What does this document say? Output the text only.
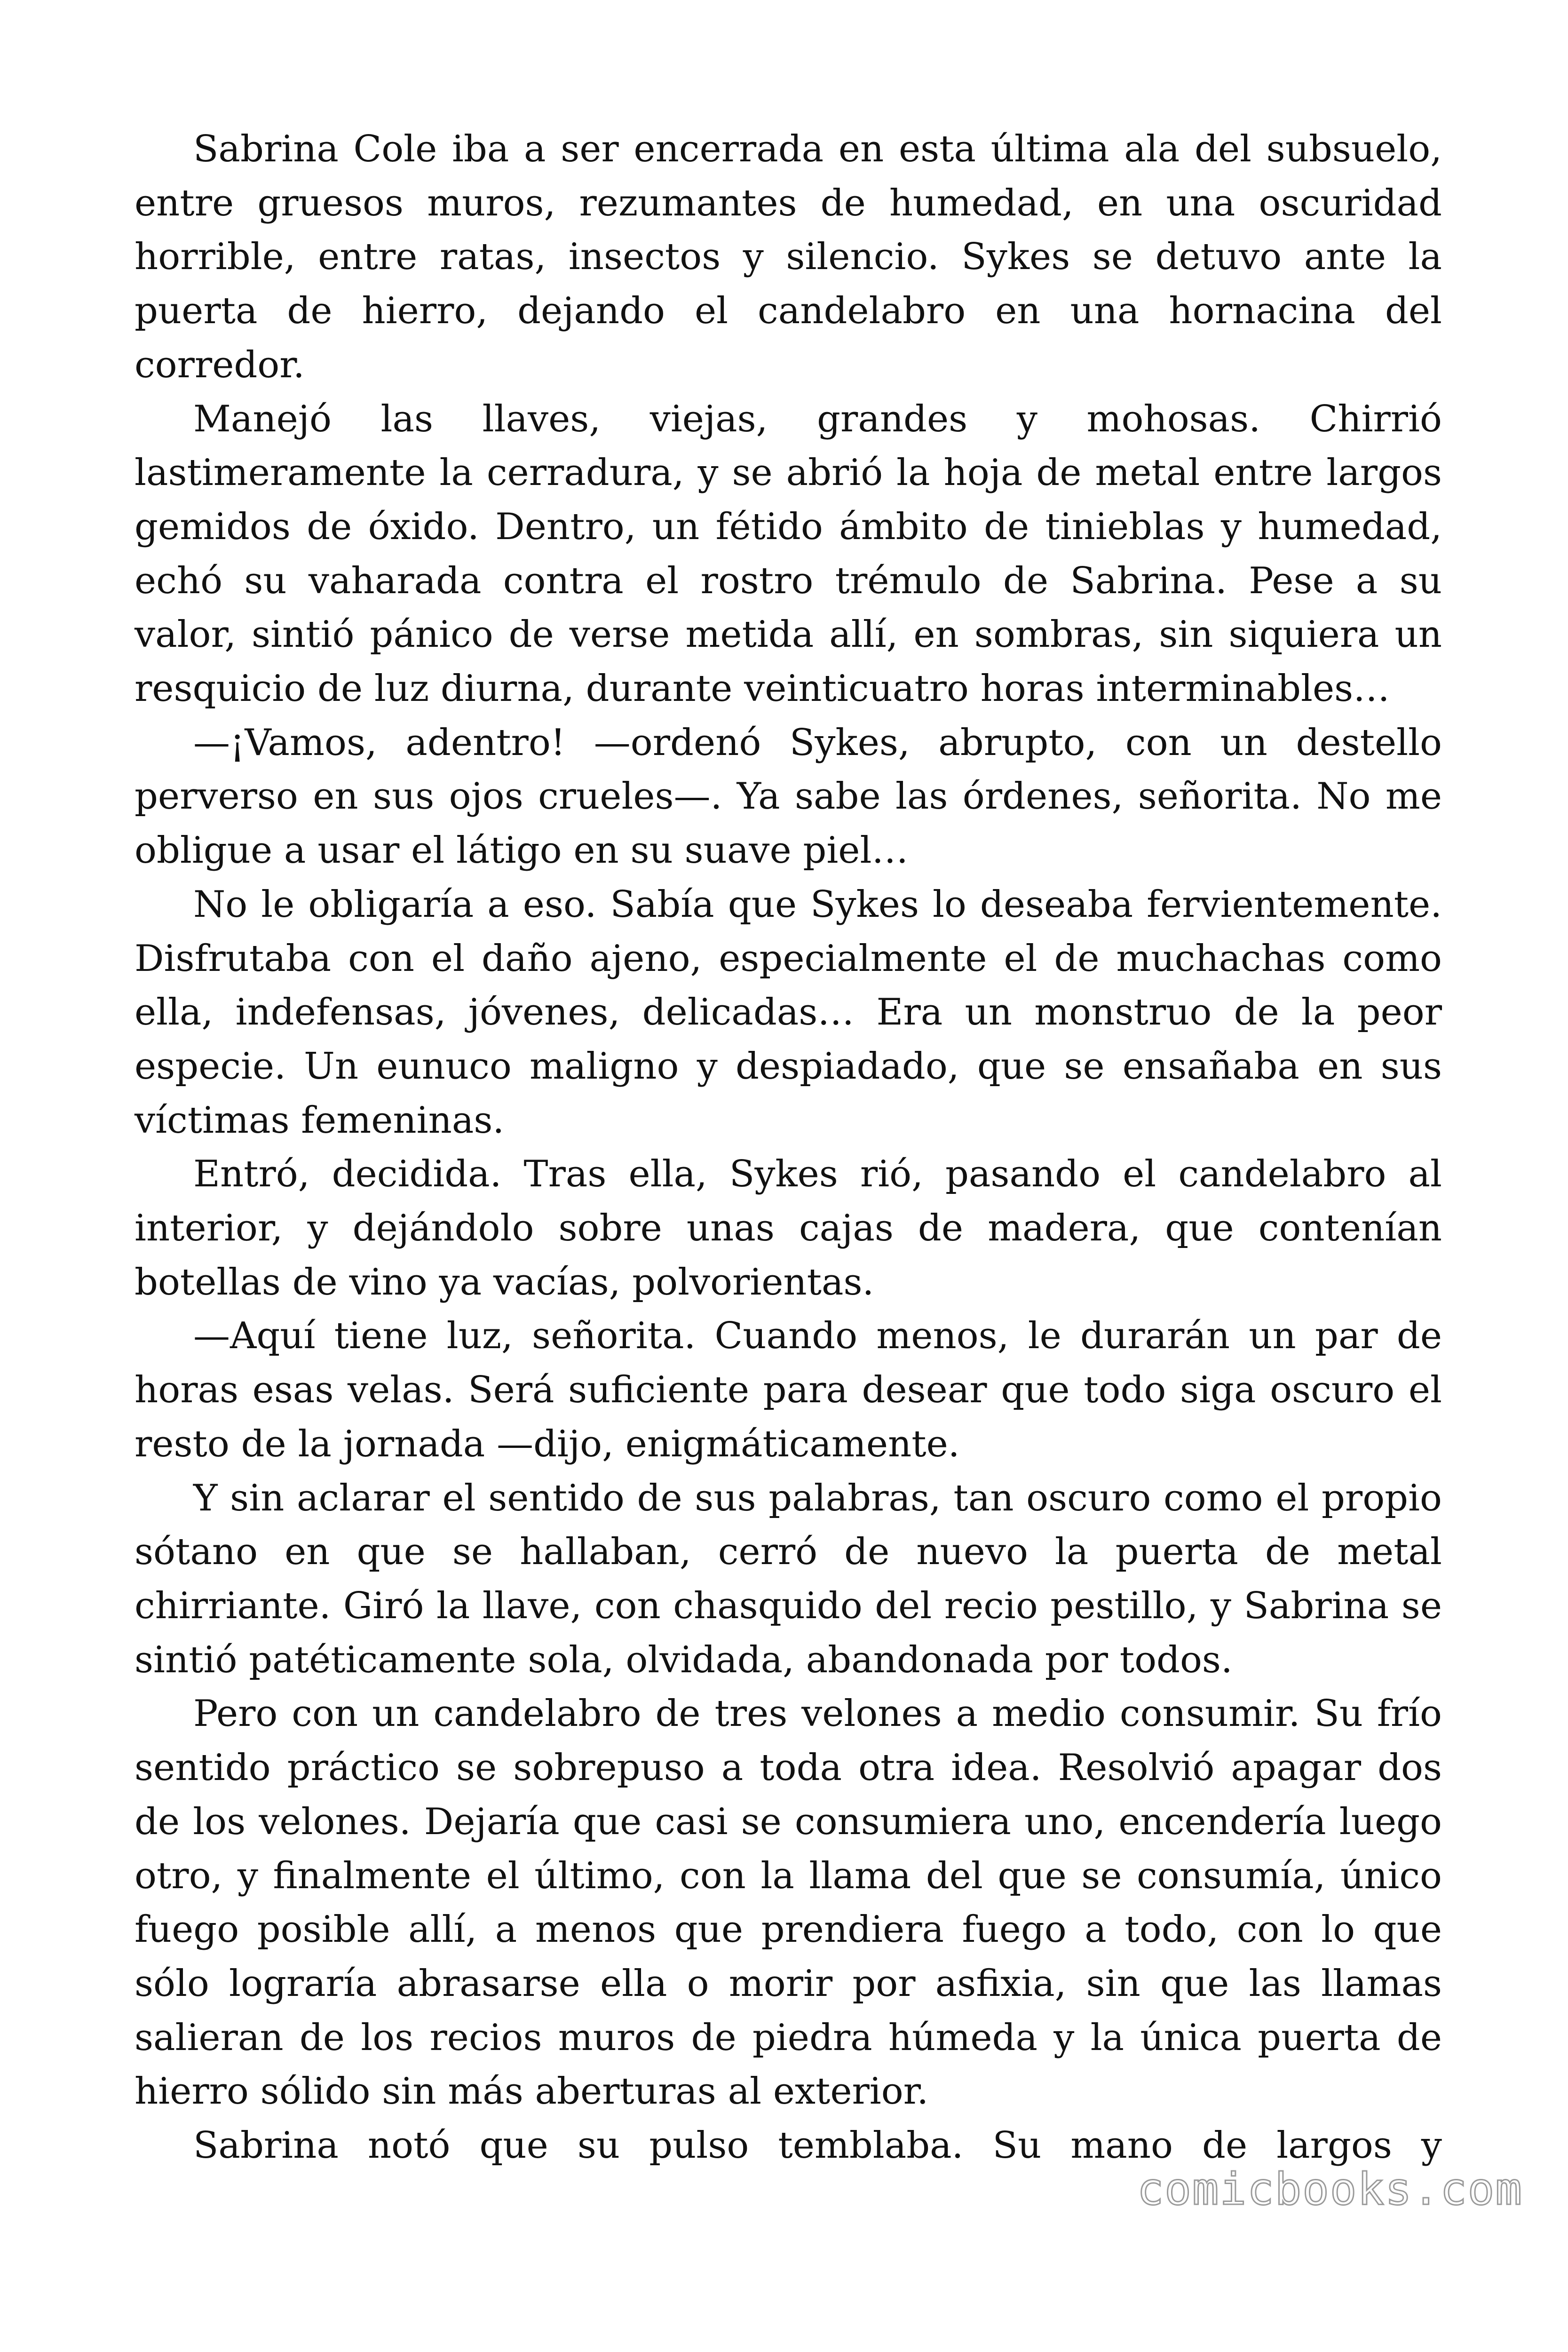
Sabrina Cole iba a ser encerrada en esta última ala del subsuelo, entre gruesos muros, rezumantes de humedad, en una oscuridad horrible, entre ratas, insectos y silencio. Sykes se detuvo ante la puerta de hierro, dejando el candelabro en una hornacina del corredor.

Manejó las llaves, viejas, grandes y mohosas. Chirrió lastimeramente la cerradura, y se abrió la hoja de metal entre largos gemidos de óxido. Dentro, un fétido ámbito de tinieblas y humedad, echó su vaharada contra el rostro trémulo de Sabrina. Pese a su valor, sintió pánico de verse metida allí, en sombras, sin siquiera un resquicio de luz diurna, durante veinticuatro horas interminables…

—¡Vamos, adentro! —ordenó Sykes, abrupto, con un destello perverso en sus ojos crueles—. Ya sabe las órdenes, señorita. No me obligue a usar el látigo en su suave piel…

No le obligaría a eso. Sabía que Sykes lo deseaba fervientemente. Disfrutaba con el daño ajeno, especialmente el de muchachas como ella, indefensas, jóvenes, delicadas… Era un monstruo de la peor especie. Un eunuco maligno y despiadado, que se ensañaba en sus víctimas femeninas.

Entró, decidida. Tras ella, Sykes rió, pasando el candelabro al interior, y dejándolo sobre unas cajas de madera, que contenían botellas de vino ya vacías, polvorientas.

—Aquí tiene luz, señorita. Cuando menos, le durarán un par de horas esas velas. Será suficiente para desear que todo siga oscuro el resto de la jornada —dijo, enigmáticamente.

Y sin aclarar el sentido de sus palabras, tan oscuro como el propio sótano en que se hallaban, cerró de nuevo la puerta de metal chirriante. Giró la llave, con chasquido del recio pestillo, y Sabrina se sintió patéticamente sola, olvidada, abandonada por todos.

Pero con un candelabro de tres velones a medio consumir. Su frío sentido práctico se sobrepuso a toda otra idea. Resolvió apagar dos de los velones. Dejaría que casi se consumiera uno, encendería luego otro, y finalmente el último, con la llama del que se consumía, único fuego posible allí, a menos que prendiera fuego a todo, con lo que sólo lograría abrasarse ella o morir por asfixia, sin que las llamas salieran de los recios muros de piedra húmeda y la única puerta de hierro sólido sin más aberturas al exterior.

Sabrina notó que su pulso temblaba. Su mano de largos y

comicbooks.com
